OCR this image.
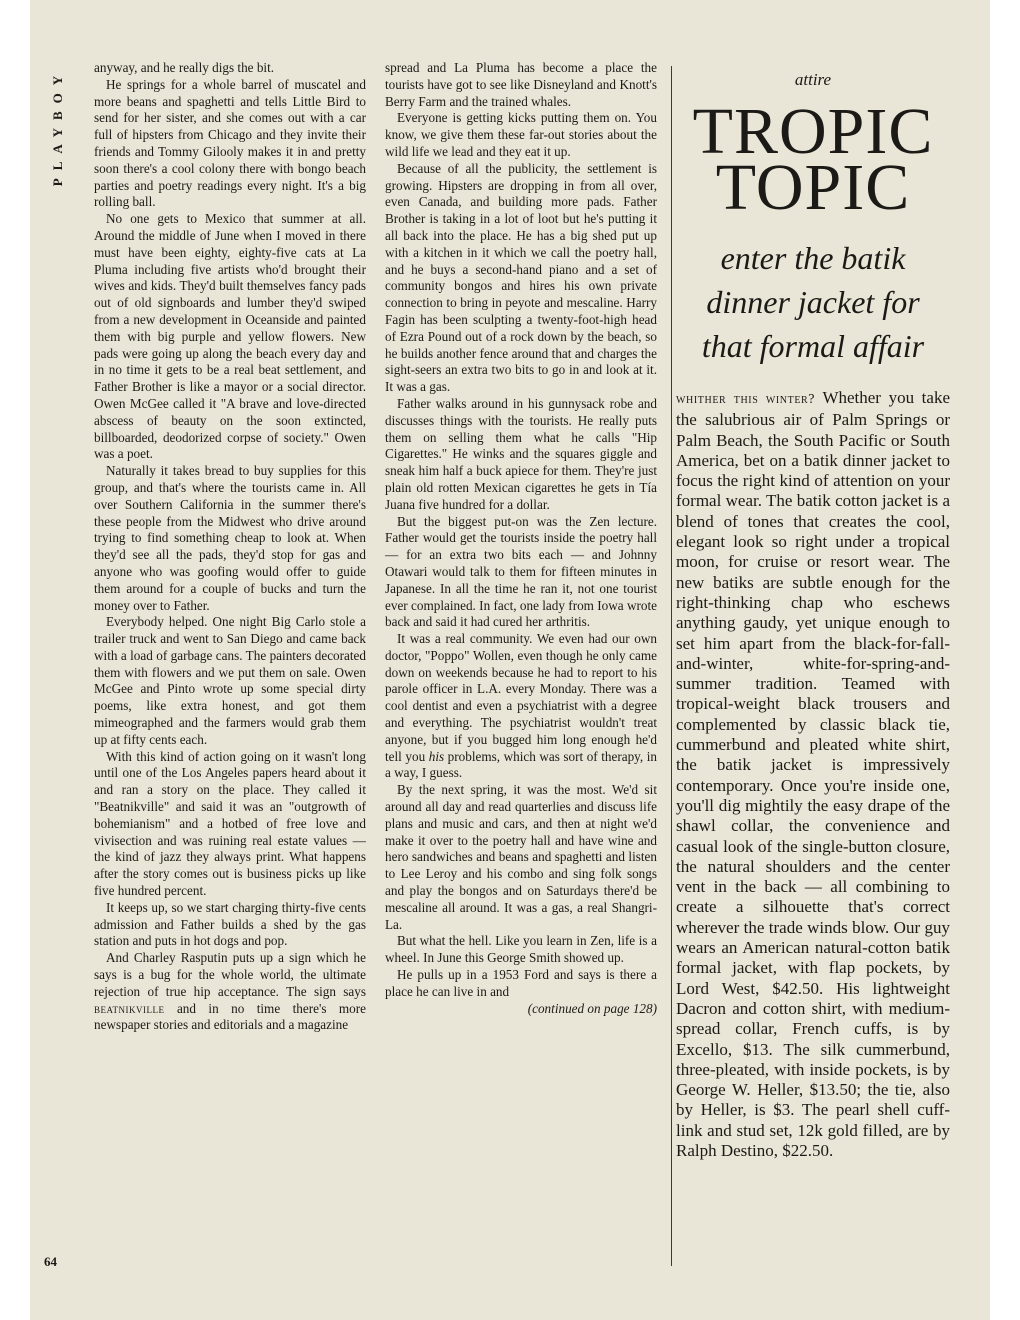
PLAYBOY
64

anyway, and he really digs the bit.

He springs for a whole barrel of muscatel and more beans and spaghetti and tells Little Bird to send for her sister, and she comes out with a car full of hipsters from Chicago and they invite their friends and Tommy Gilooly makes it in and pretty soon there's a cool colony there with bongo beach parties and poetry readings every night. It's a big rolling ball.

No one gets to Mexico that summer at all. Around the middle of June when I moved in there must have been eighty, eighty-five cats at La Pluma including five artists who'd brought their wives and kids. They'd built themselves fancy pads out of old signboards and lumber they'd swiped from a new development in Oceanside and painted them with big purple and yellow flowers. New pads were going up along the beach every day and in no time it gets to be a real beat settlement, and Father Brother is like a mayor or a social director. Owen McGee called it "A brave and love-directed abscess of beauty on the soon extincted, billboarded, deodorized corpse of society." Owen was a poet.

Naturally it takes bread to buy supplies for this group, and that's where the tourists came in. All over Southern California in the summer there's these people from the Midwest who drive around trying to find something cheap to look at. When they'd see all the pads, they'd stop for gas and anyone who was goofing would offer to guide them around for a couple of bucks and turn the money over to Father.

Everybody helped. One night Big Carlo stole a trailer truck and went to San Diego and came back with a load of garbage cans. The painters decorated them with flowers and we put them on sale. Owen McGee and Pinto wrote up some special dirty poems, like extra honest, and got them mimeographed and the farmers would grab them up at fifty cents each.

With this kind of action going on it wasn't long until one of the Los Angeles papers heard about it and ran a story on the place. They called it "Beatnikville" and said it was an "outgrowth of bohemianism" and a hotbed of free love and vivisection and was ruining real estate values — the kind of jazz they always print. What happens after the story comes out is business picks up like five hundred percent.

It keeps up, so we start charging thirty-five cents admission and Father builds a shed by the gas station and puts in hot dogs and pop.

And Charley Rasputin puts up a sign which he says is a bug for the whole world, the ultimate rejection of true hip acceptance. The sign says beatnikville and in no time there's more newspaper stories and editorials and a magazine

spread and La Pluma has become a place the tourists have got to see like Disneyland and Knott's Berry Farm and the trained whales.

Everyone is getting kicks putting them on. You know, we give them these far-out stories about the wild life we lead and they eat it up.

Because of all the publicity, the settlement is growing. Hipsters are dropping in from all over, even Canada, and building more pads. Father Brother is taking in a lot of loot but he's putting it all back into the place. He has a big shed put up with a kitchen in it which we call the poetry hall, and he buys a second-hand piano and a set of community bongos and hires his own private connection to bring in peyote and mescaline. Harry Fagin has been sculpting a twenty-foot-high head of Ezra Pound out of a rock down by the beach, so he builds another fence around that and charges the sight-seers an extra two bits to go in and look at it. It was a gas.

Father walks around in his gunnysack robe and discusses things with the tourists. He really puts them on selling them what he calls "Hip Cigarettes." He winks and the squares giggle and sneak him half a buck apiece for them. They're just plain old rotten Mexican cigarettes he gets in Tía Juana five hundred for a dollar.

But the biggest put-on was the Zen lecture. Father would get the tourists inside the poetry hall — for an extra two bits each — and Johnny Otawari would talk to them for fifteen minutes in Japanese. In all the time he ran it, not one tourist ever complained. In fact, one lady from Iowa wrote back and said it had cured her arthritis.

It was a real community. We even had our own doctor, "Poppo" Wollen, even though he only came down on weekends because he had to report to his parole officer in L.A. every Monday. There was a cool dentist and even a psychiatrist with a degree and everything. The psychiatrist wouldn't treat anyone, but if you bugged him long enough he'd tell you his problems, which was sort of therapy, in a way, I guess.

By the next spring, it was the most. We'd sit around all day and read quarterlies and discuss life plans and music and cars, and then at night we'd make it over to the poetry hall and have wine and hero sandwiches and beans and spaghetti and listen to Lee Leroy and his combo and sing folk songs and play the bongos and on Saturdays there'd be mescaline all around. It was a gas, a real Shangri-La.

But what the hell. Like you learn in Zen, life is a wheel. In June this George Smith showed up.

He pulls up in a 1953 Ford and says is there a place he can live in and

(continued on page 128)

attire
TROPIC
TOPIC
enter the batik
dinner jacket for
that formal affair

whither this winter? Whether you take the salubrious air of Palm Springs or Palm Beach, the South Pacific or South America, bet on a batik dinner jacket to focus the right kind of attention on your formal wear. The batik cotton jacket is a blend of tones that creates the cool, elegant look so right under a tropical moon, for cruise or resort wear. The new batiks are subtle enough for the right-thinking chap who eschews anything gaudy, yet unique enough to set him apart from the black-for-fall-and-winter, white-for-spring-and-summer tradition. Teamed with tropical-weight black trousers and complemented by classic black tie, cummerbund and pleated white shirt, the batik jacket is impressively contemporary. Once you're inside one, you'll dig mightily the easy drape of the shawl collar, the convenience and casual look of the single-button closure, the natural shoulders and the center vent in the back — all combining to create a silhouette that's correct wherever the trade winds blow. Our guy wears an American natural-cotton batik formal jacket, with flap pockets, by Lord West, $42.50. His lightweight Dacron and cotton shirt, with medium-spread collar, French cuffs, is by Excello, $13. The silk cummerbund, three-pleated, with inside pockets, is by George W. Heller, $13.50; the tie, also by Heller, is $3. The pearl shell cuff-link and stud set, 12k gold filled, are by Ralph Destino, $22.50.
